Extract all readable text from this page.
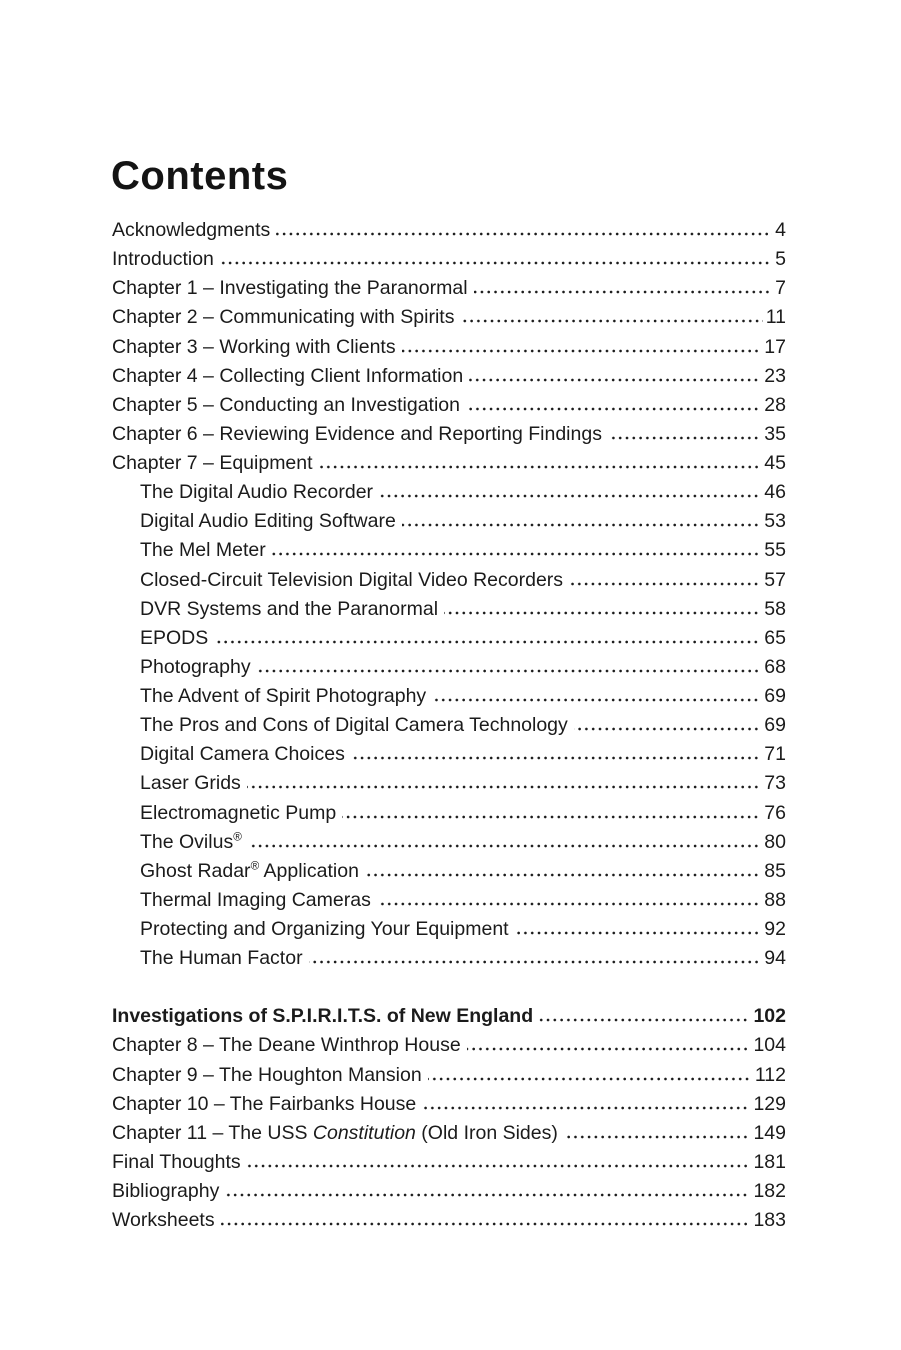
Contents
Acknowledgments	4
Introduction	5
Chapter 1 – Investigating the Paranormal	7
Chapter 2 – Communicating with Spirits	11
Chapter 3 – Working with Clients	17
Chapter 4 – Collecting Client Information	23
Chapter 5 – Conducting an Investigation	28
Chapter 6 – Reviewing Evidence and Reporting Findings	35
Chapter 7 – Equipment	45
The Digital Audio Recorder	46
Digital Audio Editing Software	53
The Mel Meter	55
Closed-Circuit Television Digital Video Recorders	57
DVR Systems and the Paranormal	58
EPODS	65
Photography	68
The Advent of Spirit Photography	69
The Pros and Cons of Digital Camera Technology	69
Digital Camera Choices	71
Laser Grids	73
Electromagnetic Pump	76
The Ovilus®	80
Ghost Radar® Application	85
Thermal Imaging Cameras	88
Protecting and Organizing Your Equipment	92
The Human Factor	94
Investigations of S.P.I.R.I.T.S. of New England	102
Chapter 8 – The Deane Winthrop House	104
Chapter 9 – The Houghton Mansion	112
Chapter 10 – The Fairbanks House	129
Chapter 11 – The USS Constitution (Old Iron Sides)	149
Final Thoughts	181
Bibliography	182
Worksheets	183
